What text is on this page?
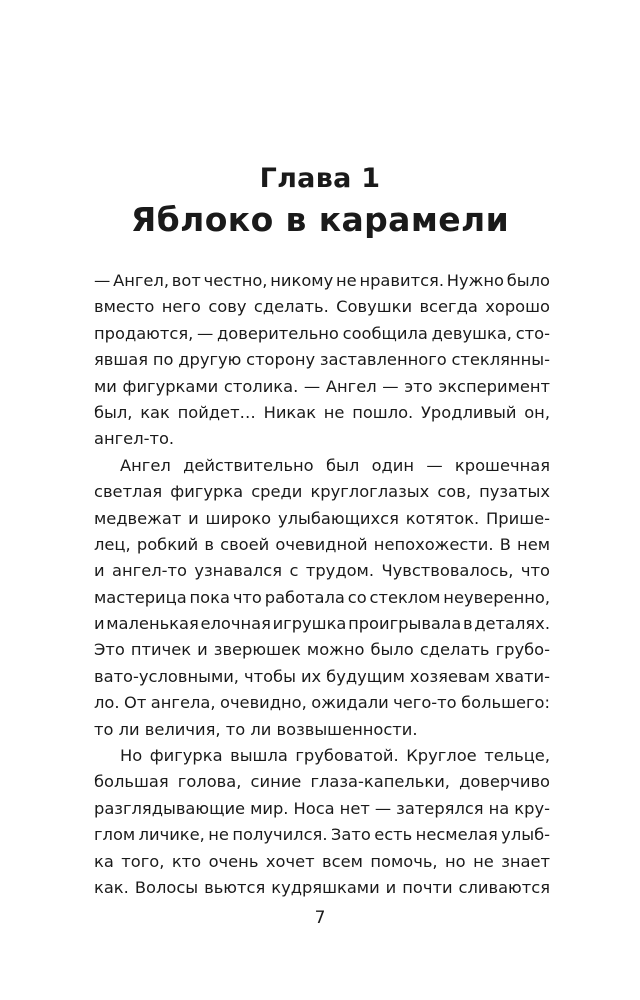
Глава 1
Яблоко в карамели
— Ангел, вот честно, никому не нравится. Нужно было
вместо него сову сделать. Совушки всегда хорошо
продаются, — доверительно сообщила девушка, сто-
явшая по другую сторону заставленного стеклянны-
ми фигурками столика. — Ангел — это эксперимент
был, как пойдет… Никак не пошло. Уродливый он,
ангел-то.
Ангел действительно был один — крошечная
светлая фигурка среди круглоглазых сов, пузатых
медвежат и широко улыбающихся котяток. Пришe-
лец, робкий в своей очевидной непохожести. В нем
и ангел-то узнавался с трудом. Чувствовалось, что
мастерица пока что работала со стеклом неуверенно,
и маленькая елочная игрушка проигрывала в деталях.
Это птичек и зверюшек можно было сделать грубо-
вато-условными, чтобы их будущим хозяевам хвати-
ло. От ангела, очевидно, ожидали чего-то большего:
то ли величия, то ли возвышенности.
Но фигурка вышла грубоватой. Круглое тельце,
большая голова, синие глаза-капельки, доверчиво
разглядывающие мир. Носа нет — затерялся на кру-
глом личике, не получился. Зато есть несмелая улыб-
ка того, кто очень хочет всем помочь, но не знает
как. Волосы вьются кудряшками и почти сливаются
7
